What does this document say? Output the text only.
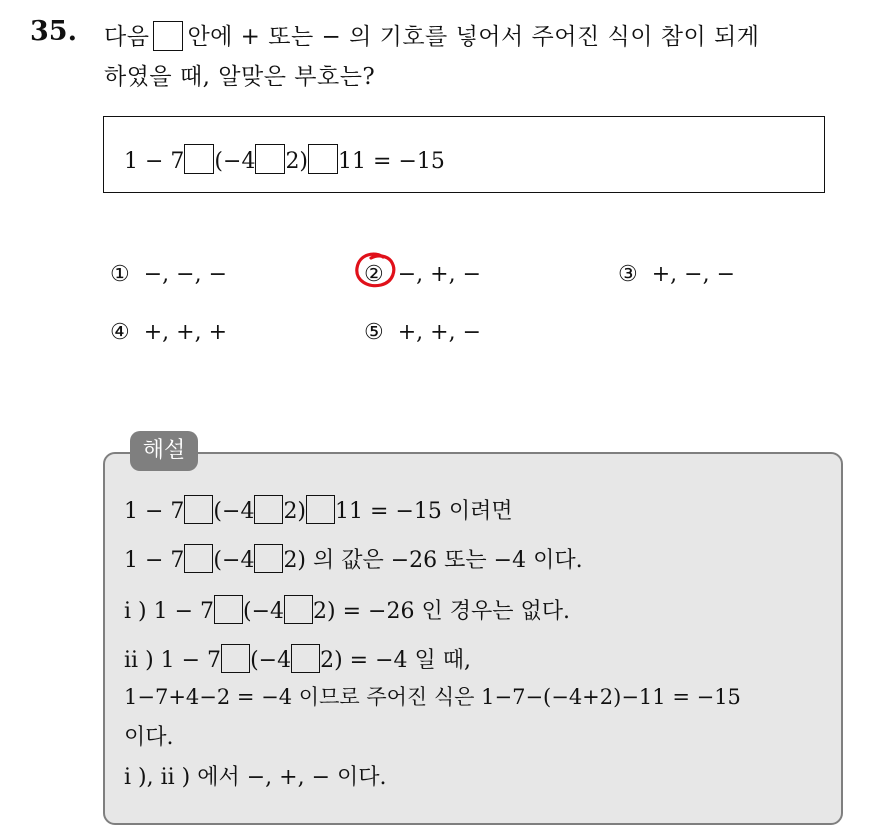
35. 다음 안에 + 또는 − 의 기호를 넣어서 주어진 식이 참이 되게
하였을 때, 알맞은 부호는?
1 − 7 (−4 2) 11 = −15
① −, −, −	② −, +, −	③ +, −, −
④ +, +, +	⑤ +, +, −
해설
1 − 7 (−4 2) 11 = −15 이려면
1 − 7 (−4 2) 의 값은 −26 또는 −4 이다.
i ) 1 − 7 (−4 2) = −26 인 경우는 없다.
ii ) 1 − 7 (−4 2) = −4 일 때,
1−7+4−2 = −4 이므로 주어진 식은 1−7−(−4+2)−11 = −15
이다.
i ), ii ) 에서 −, +, − 이다.
